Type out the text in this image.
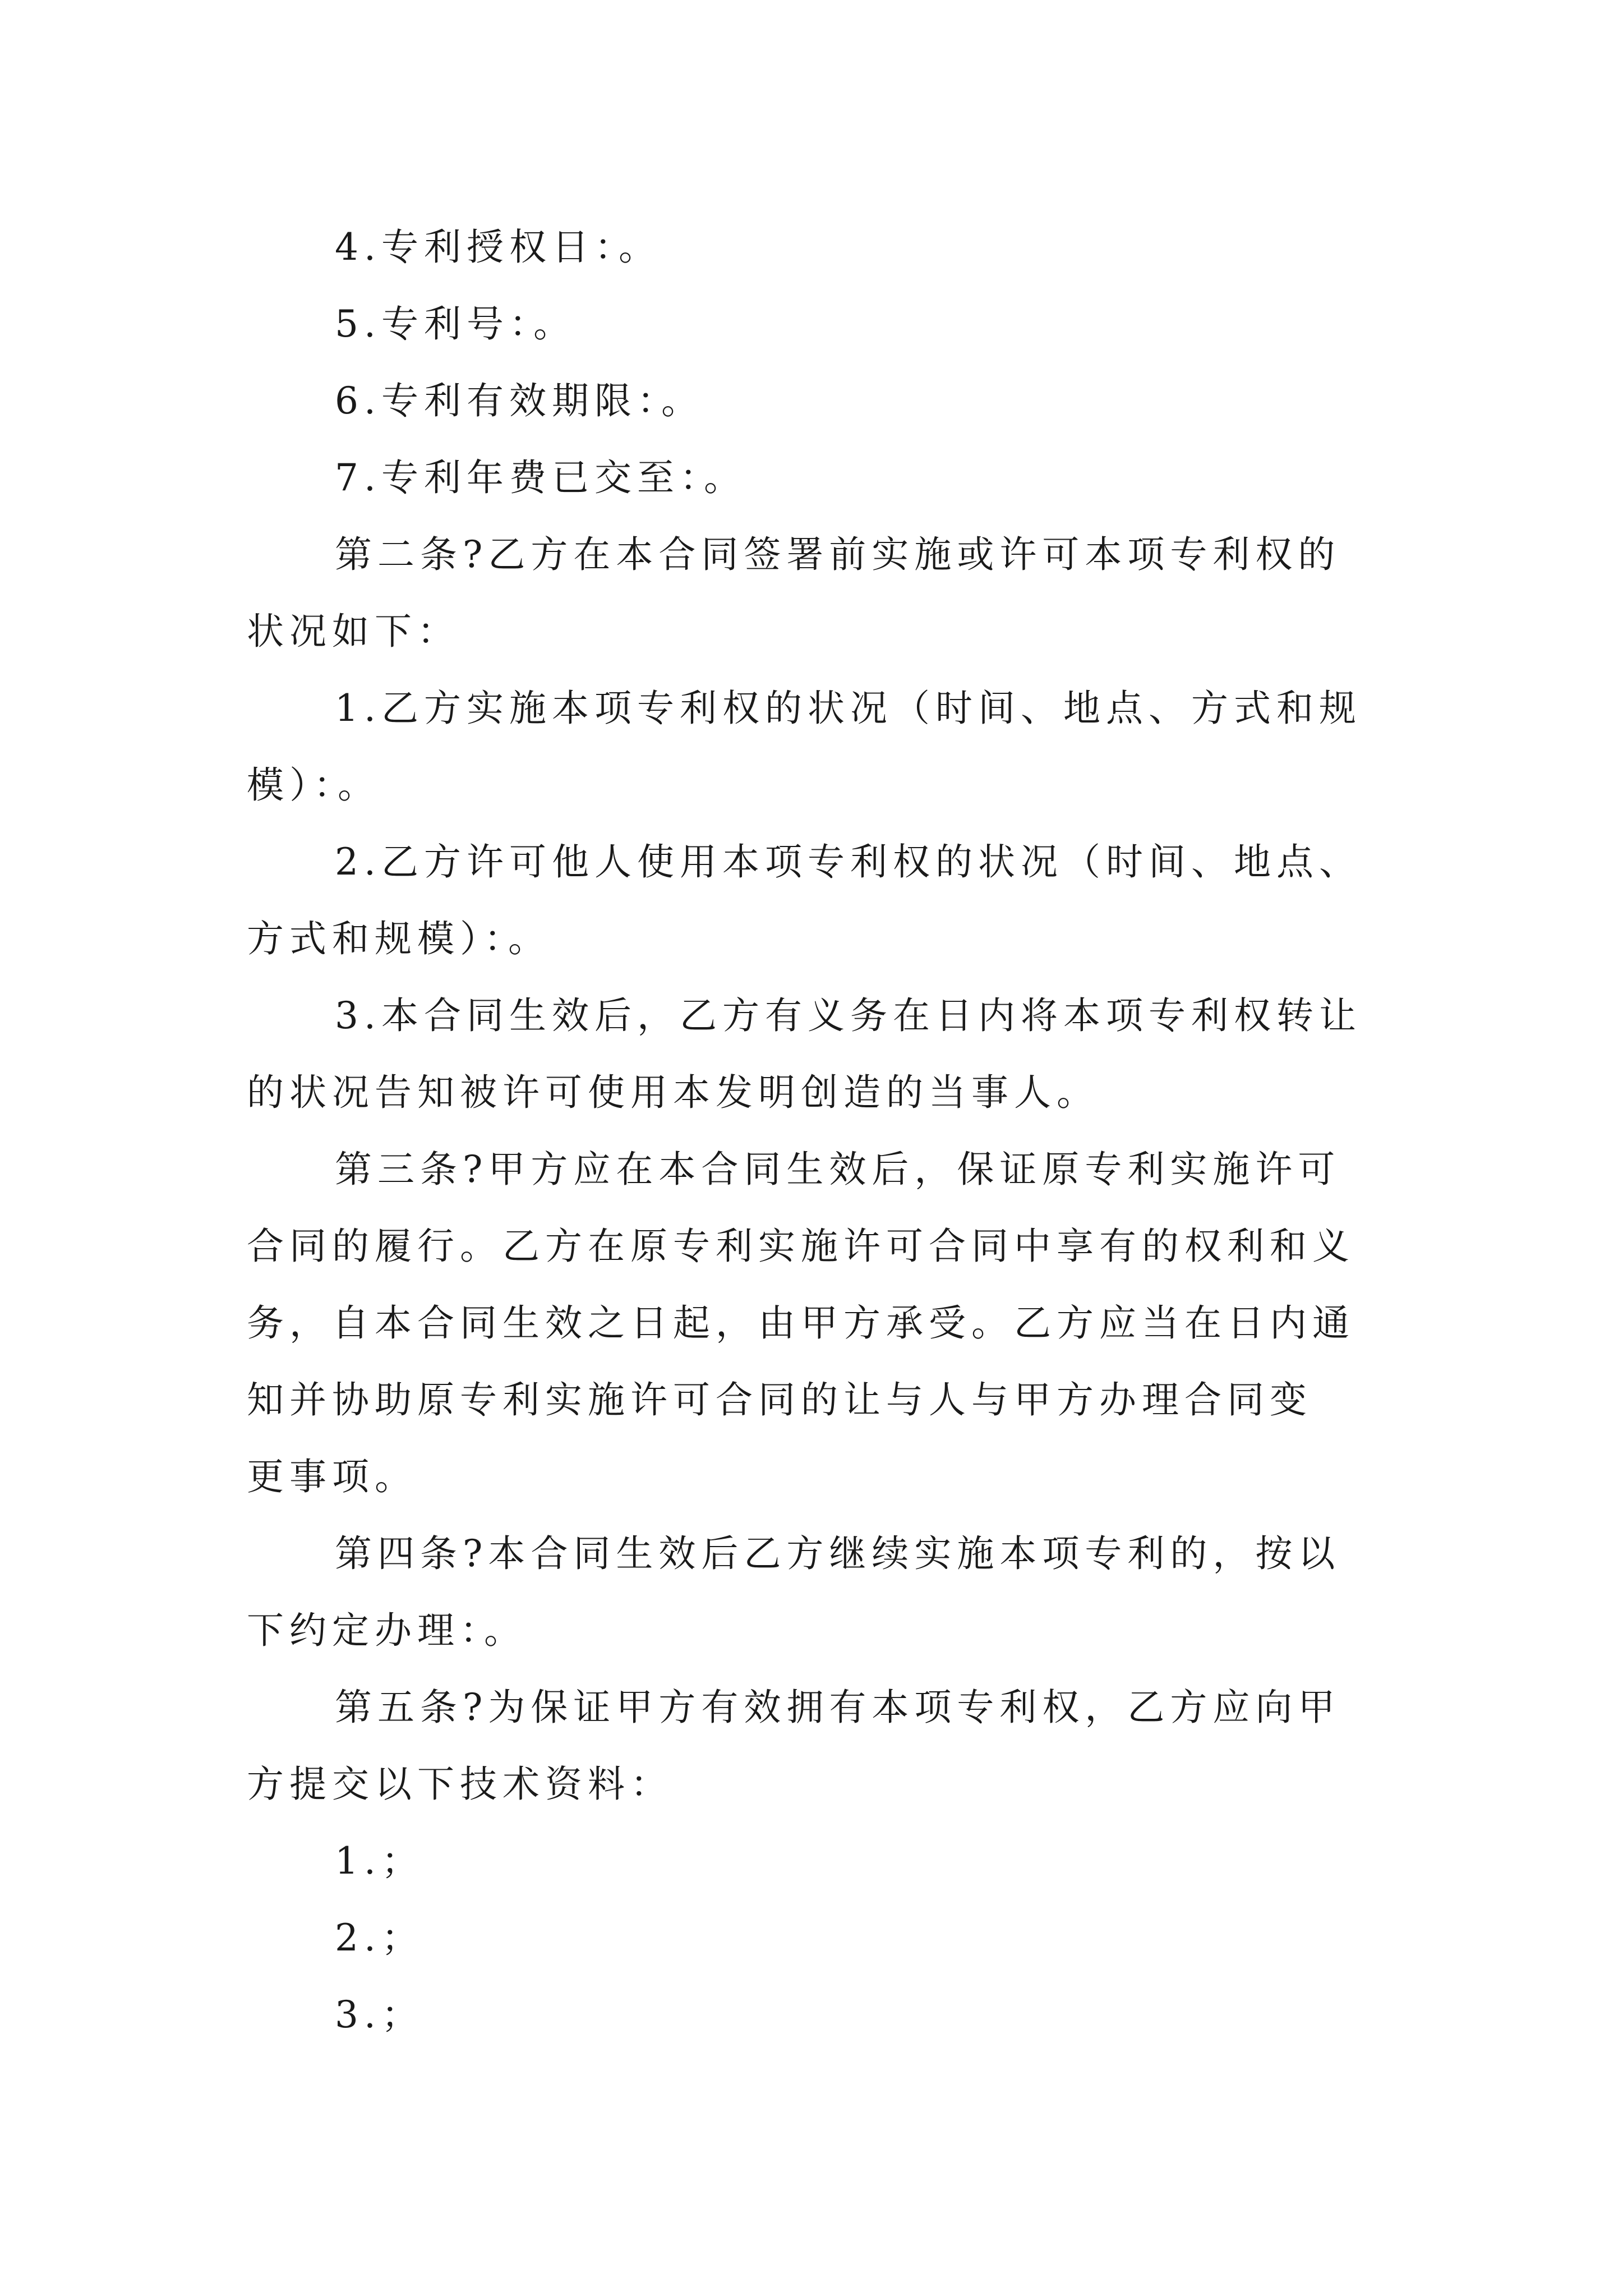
4.专利授权日：。
5.专利号：。
6.专利有效期限：。
7.专利年费已交至：。
第二条?乙方在本合同签署前实施或许可本项专利权的
状况如下：
1.乙方实施本项专利权的状况（时间、地点、方式和规
模）：。
2.乙方许可他人使用本项专利权的状况（时间、地点、
方式和规模）：。
3.本合同生效后，乙方有义务在日内将本项专利权转让
的状况告知被许可使用本发明创造的当事人。
第三条?甲方应在本合同生效后，保证原专利实施许可
合同的履行。乙方在原专利实施许可合同中享有的权利和义
务，自本合同生效之日起，由甲方承受。乙方应当在日内通
知并协助原专利实施许可合同的让与人与甲方办理合同变
更事项。
第四条?本合同生效后乙方继续实施本项专利的，按以
下约定办理：。
第五条?为保证甲方有效拥有本项专利权，乙方应向甲
方提交以下技术资料：
1.；
2.；
3.；
